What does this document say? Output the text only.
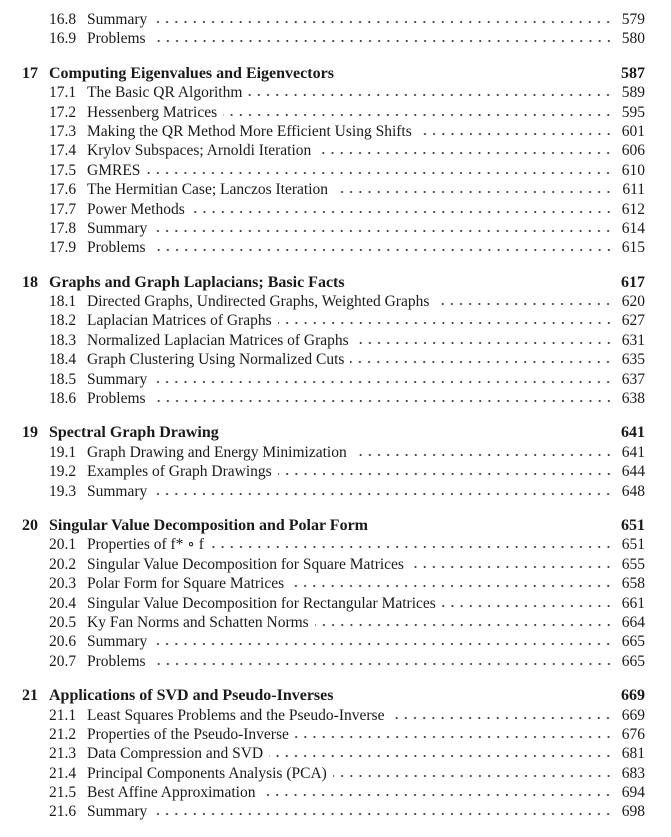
16.8 Summary	579
16.9 Problems	580
17 Computing Eigenvalues and Eigenvectors	587
17.1 The Basic QR Algorithm	589
17.2 Hessenberg Matrices	595
17.3 Making the QR Method More Efficient Using Shifts	601
17.4 Krylov Subspaces; Arnoldi Iteration	606
17.5 GMRES	610
17.6 The Hermitian Case; Lanczos Iteration	611
17.7 Power Methods	612
17.8 Summary	614
17.9 Problems	615
18 Graphs and Graph Laplacians; Basic Facts	617
18.1 Directed Graphs, Undirected Graphs, Weighted Graphs	620
18.2 Laplacian Matrices of Graphs	627
18.3 Normalized Laplacian Matrices of Graphs	631
18.4 Graph Clustering Using Normalized Cuts	635
18.5 Summary	637
18.6 Problems	638
19 Spectral Graph Drawing	641
19.1 Graph Drawing and Energy Minimization	641
19.2 Examples of Graph Drawings	644
19.3 Summary	648
20 Singular Value Decomposition and Polar Form	651
20.1 Properties of f* ∘ f	651
20.2 Singular Value Decomposition for Square Matrices	655
20.3 Polar Form for Square Matrices	658
20.4 Singular Value Decomposition for Rectangular Matrices	661
20.5 Ky Fan Norms and Schatten Norms	664
20.6 Summary	665
20.7 Problems	665
21 Applications of SVD and Pseudo-Inverses	669
21.1 Least Squares Problems and the Pseudo-Inverse	669
21.2 Properties of the Pseudo-Inverse	676
21.3 Data Compression and SVD	681
21.4 Principal Components Analysis (PCA)	683
21.5 Best Affine Approximation	694
21.6 Summary	698
